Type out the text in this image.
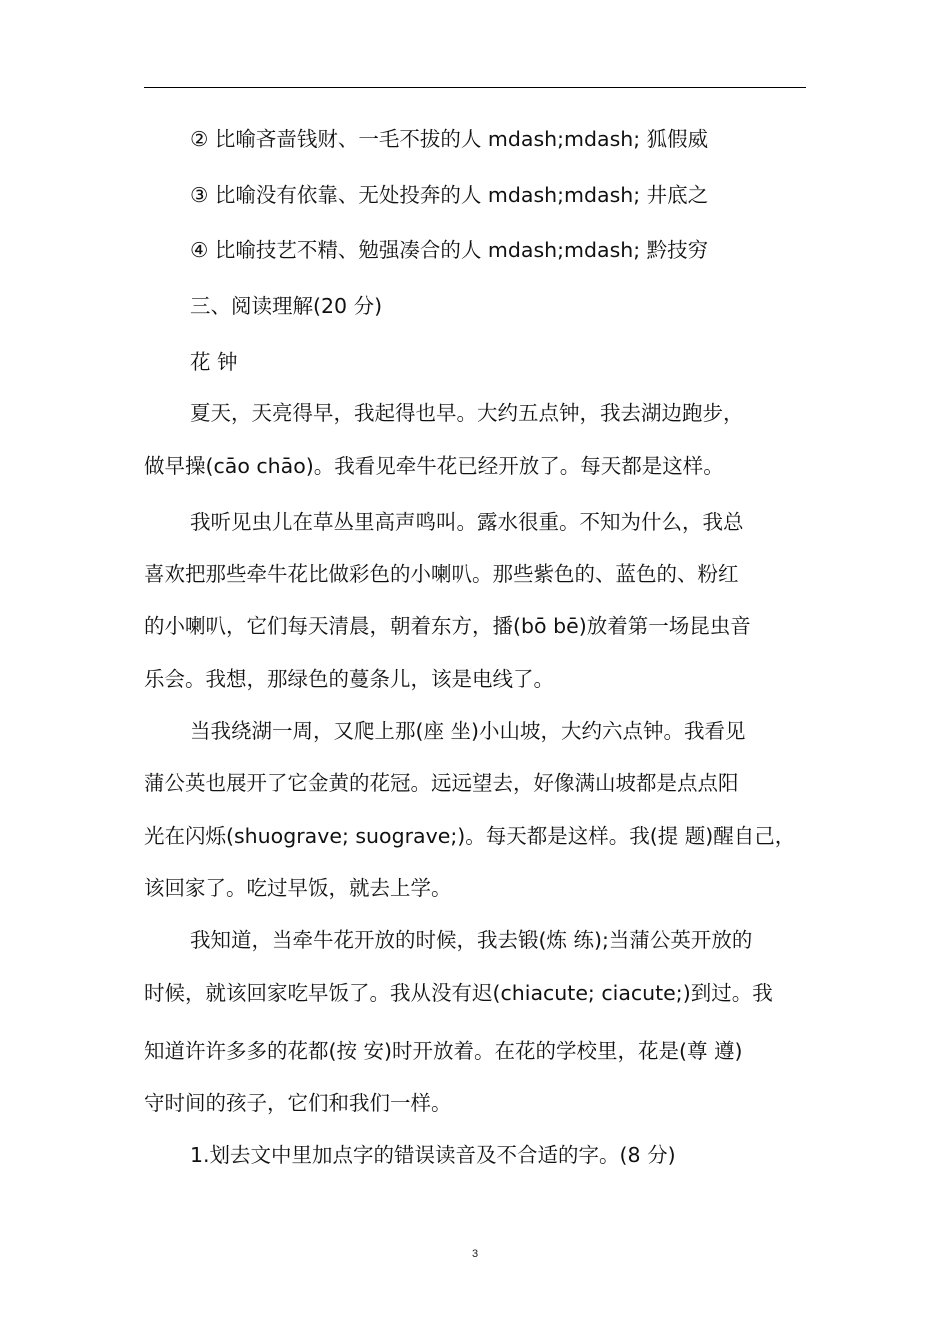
② 比喻吝啬钱财、一毛不拔的人 mdash;mdash; 狐假威
③ 比喻没有依靠、无处投奔的人 mdash;mdash; 井底之
④ 比喻技艺不精、勉强凑合的人 mdash;mdash; 黔技穷
三、阅读理解(20 分)
花 钟
夏天，天亮得早，我起得也早。大约五点钟，我去湖边跑步，
做早操(cāo chāo)。我看见牵牛花已经开放了。每天都是这样。
我听见虫儿在草丛里高声鸣叫。露水很重。不知为什么，我总
喜欢把那些牵牛花比做彩色的小喇叭。那些紫色的、蓝色的、粉红
的小喇叭，它们每天清晨，朝着东方，播(bō bē)放着第一场昆虫音
乐会。我想，那绿色的蔓条儿，该是电线了。
当我绕湖一周，又爬上那(座 坐)小山坡，大约六点钟。我看见
蒲公英也展开了它金黄的花冠。远远望去，好像满山坡都是点点阳
光在闪烁(shuograve; suograve;)。每天都是这样。我(提 题)醒自己，
该回家了。吃过早饭，就去上学。
我知道，当牵牛花开放的时候，我去锻(炼 练);当蒲公英开放的
时候，就该回家吃早饭了。我从没有迟(chiacute; ciacute;)到过。我
知道许许多多的花都(按 安)时开放着。在花的学校里，花是(尊 遵)
守时间的孩子，它们和我们一样。
1.划去文中里加点字的错误读音及不合适的字。(8 分)
3
